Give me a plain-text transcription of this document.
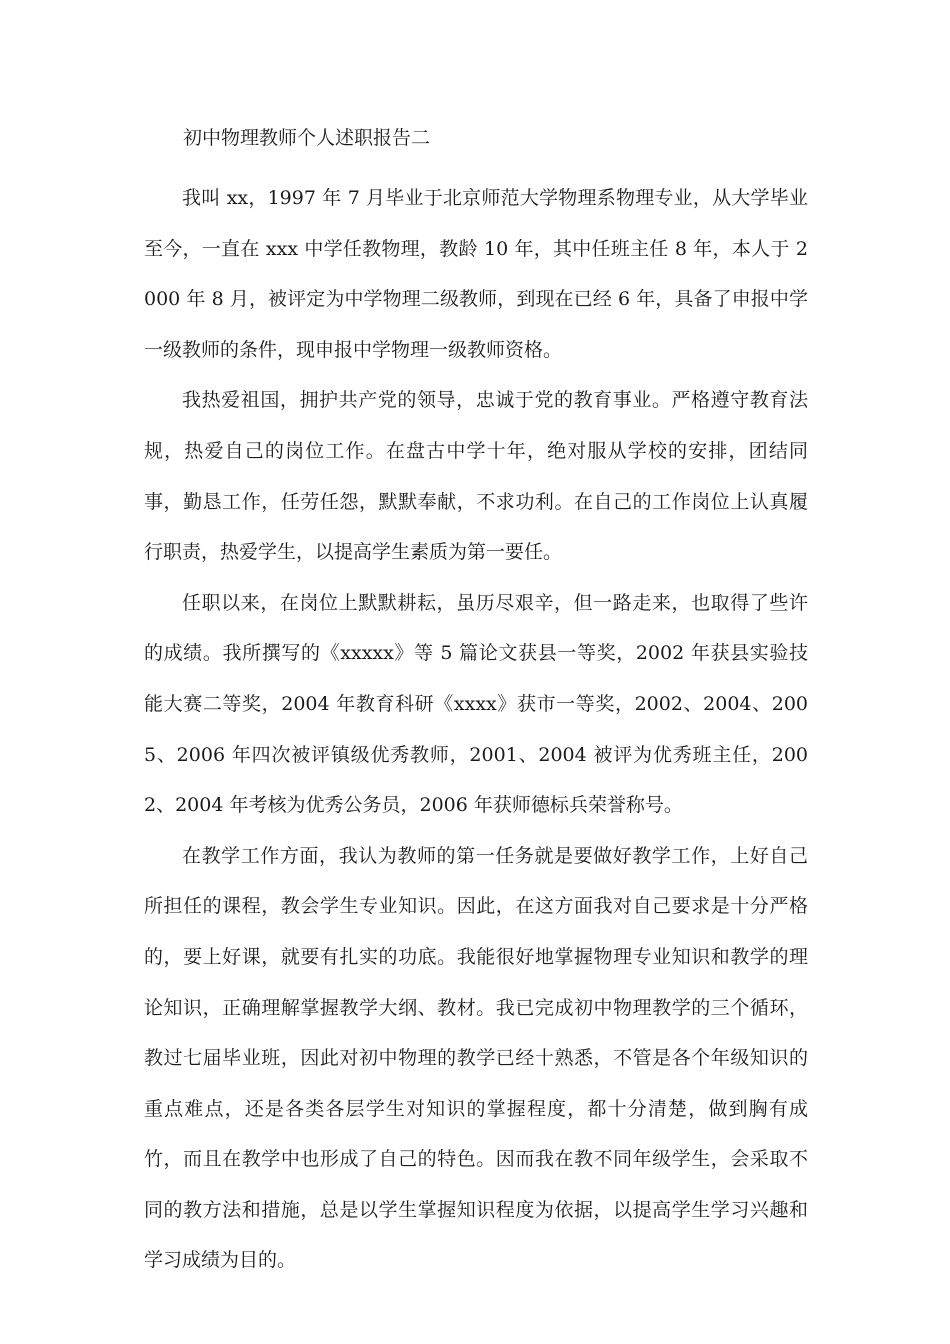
初中物理教师个人述职报告二

我叫 xx，1997 年 7 月毕业于北京师范大学物理系物理专业，从大学毕业至今，一直在 xxx 中学任教物理，教龄 10 年，其中任班主任 8 年，本人于 2000 年 8 月，被评定为中学物理二级教师，到现在已经 6 年，具备了申报中学一级教师的条件，现申报中学物理一级教师资格。

我热爱祖国，拥护共产党的领导，忠诚于党的教育事业。严格遵守教育法规，热爱自己的岗位工作。在盘古中学十年，绝对服从学校的安排，团结同事，勤恳工作，任劳任怨，默默奉献，不求功利。在自己的工作岗位上认真履行职责，热爱学生，以提高学生素质为第一要任。

任职以来，在岗位上默默耕耘，虽历尽艰辛，但一路走来，也取得了些许的成绩。我所撰写的《xxxxx》等 5 篇论文获县一等奖，2002 年获县实验技能大赛二等奖，2004 年教育科研《xxxx》获市一等奖，2002、2004、2005、2006 年四次被评镇级优秀教师，2001、2004 被评为优秀班主任，2002、2004 年考核为优秀公务员，2006 年获师德标兵荣誉称号。

在教学工作方面，我认为教师的第一任务就是要做好教学工作，上好自己所担任的课程，教会学生专业知识。因此，在这方面我对自己要求是十分严格的，要上好课，就要有扎实的功底。我能很好地掌握物理专业知识和教学的理论知识，正确理解掌握教学大纲、教材。我已完成初中物理教学的三个循环，教过七届毕业班，因此对初中物理的教学已经十熟悉，不管是各个年级知识的重点难点，还是各类各层学生对知识的掌握程度，都十分清楚，做到胸有成竹，而且在教学中也形成了自己的特色。因而我在教不同年级学生，会采取不同的教方法和措施，总是以学生掌握知识程度为依据，以提高学生学习兴趣和学习成绩为目的。
